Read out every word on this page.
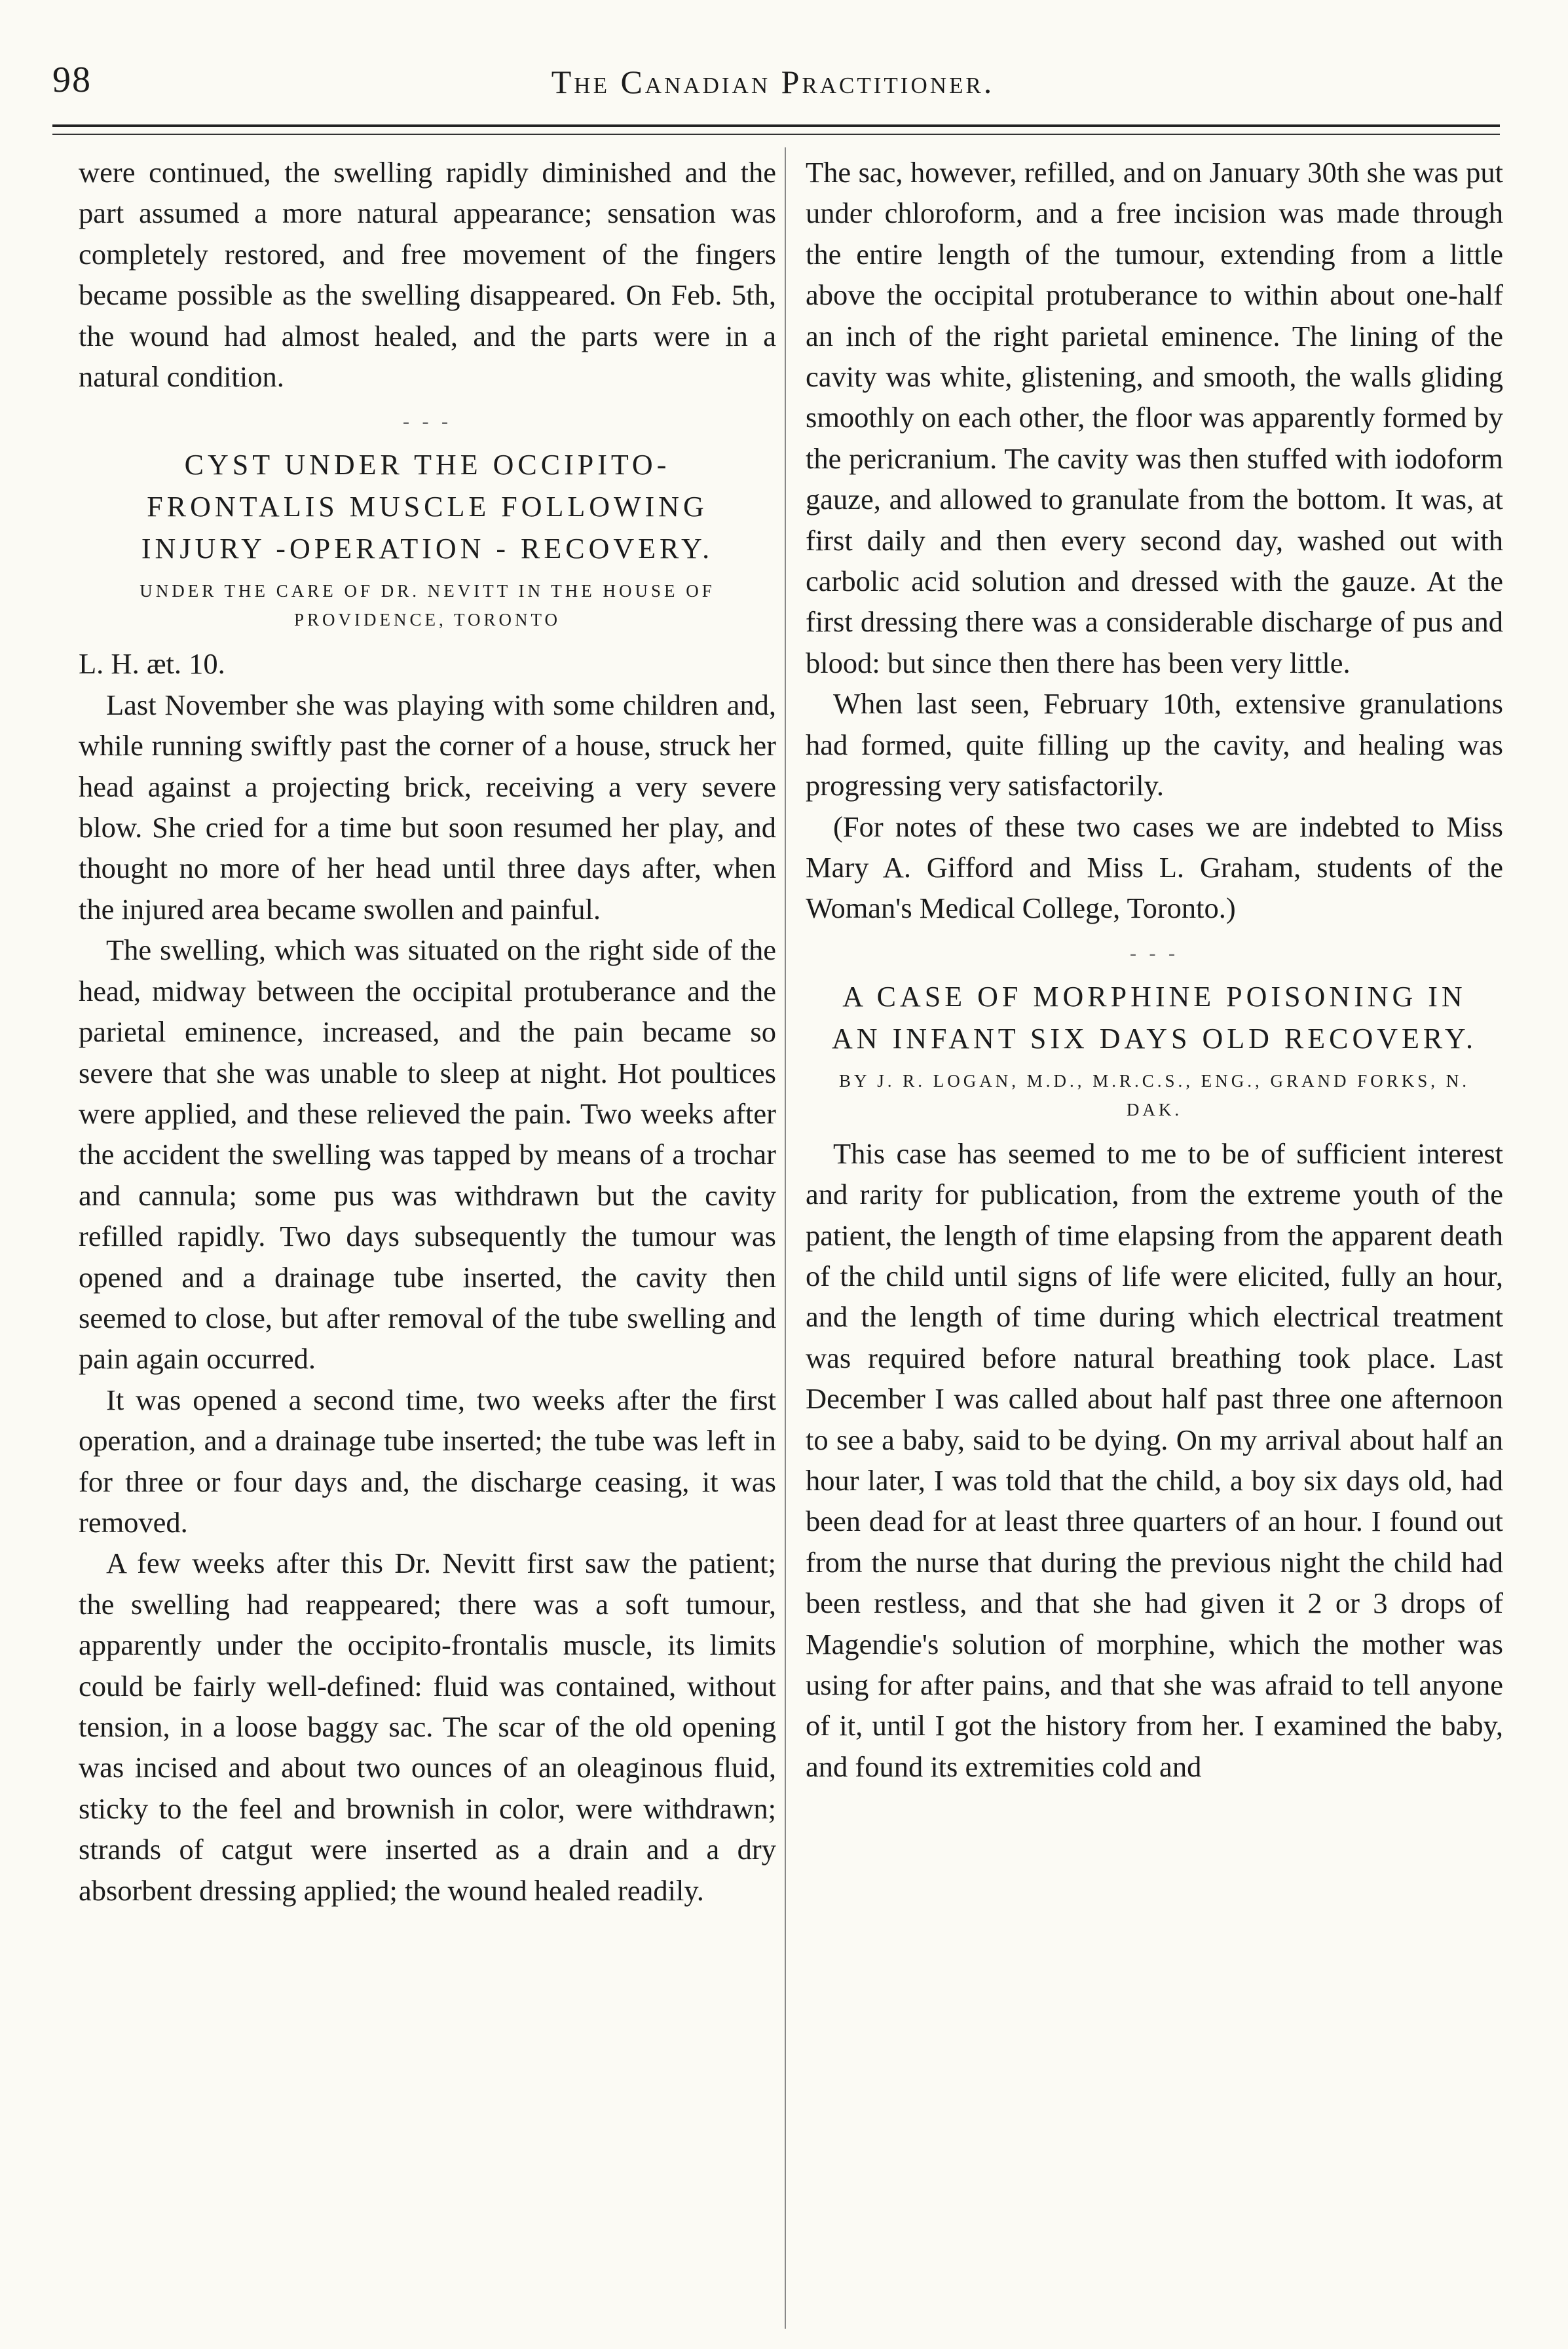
98	The Canadian Practitioner.

were continued, the swelling rapidly diminished and the part assumed a more natural appearance; sensation was completely restored, and free movement of the fingers became possible as the swelling disappeared. On Feb. 5th, the wound had almost healed, and the parts were in a natural condition.

- - -
CYST UNDER THE OCCIPITO-FRONTALIS MUSCLE FOLLOWING INJURY -OPERATION - RECOVERY.
UNDER THE CARE OF DR. NEVITT IN THE HOUSE OF PROVIDENCE, TORONTO

L. H. æt. 10.

Last November she was playing with some children and, while running swiftly past the corner of a house, struck her head against a projecting brick, receiving a very severe blow. She cried for a time but soon resumed her play, and thought no more of her head until three days after, when the injured area became swollen and painful.

The swelling, which was situated on the right side of the head, midway between the occipital protuberance and the parietal eminence, increased, and the pain became so severe that she was unable to sleep at night. Hot poultices were applied, and these relieved the pain. Two weeks after the accident the swelling was tapped by means of a trochar and cannula; some pus was withdrawn but the cavity refilled rapidly. Two days subsequently the tumour was opened and a drainage tube inserted, the cavity then seemed to close, but after removal of the tube swelling and pain again occurred.

It was opened a second time, two weeks after the first operation, and a drainage tube inserted; the tube was left in for three or four days and, the discharge ceasing, it was removed.

A few weeks after this Dr. Nevitt first saw the patient; the swelling had reappeared; there was a soft tumour, apparently under the occipito-frontalis muscle, its limits could be fairly well-defined: fluid was contained, without tension, in a loose baggy sac. The scar of the old opening was incised and about two ounces of an oleaginous fluid, sticky to the feel and brownish in color, were withdrawn; strands of catgut were inserted as a drain and a dry absorbent dressing applied; the wound healed readily.

The sac, however, refilled, and on January 30th she was put under chloroform, and a free incision was made through the entire length of the tumour, extending from a little above the occipital protuberance to within about one-half an inch of the right parietal eminence. The lining of the cavity was white, glistening, and smooth, the walls gliding smoothly on each other, the floor was apparently formed by the pericranium. The cavity was then stuffed with iodoform gauze, and allowed to granulate from the bottom. It was, at first daily and then every second day, washed out with carbolic acid solution and dressed with the gauze. At the first dressing there was a considerable discharge of pus and blood: but since then there has been very little.

When last seen, February 10th, extensive granulations had formed, quite filling up the cavity, and healing was progressing very satisfactorily.

(For notes of these two cases we are indebted to Miss Mary A. Gifford and Miss L. Graham, students of the Woman's Medical College, Toronto.)

- - -
A CASE OF MORPHINE POISONING IN AN INFANT SIX DAYS OLD RECOVERY.
BY J. R. LOGAN, M.D., M.R.C.S., ENG., GRAND FORKS, N. DAK.

This case has seemed to me to be of sufficient interest and rarity for publication, from the extreme youth of the patient, the length of time elapsing from the apparent death of the child until signs of life were elicited, fully an hour, and the length of time during which electrical treatment was required before natural breathing took place. Last December I was called about half past three one afternoon to see a baby, said to be dying. On my arrival about half an hour later, I was told that the child, a boy six days old, had been dead for at least three quarters of an hour. I found out from the nurse that during the previous night the child had been restless, and that she had given it 2 or 3 drops of Magendie's solution of morphine, which the mother was using for after pains, and that she was afraid to tell anyone of it, until I got the history from her. I examined the baby, and found its extremities cold and
